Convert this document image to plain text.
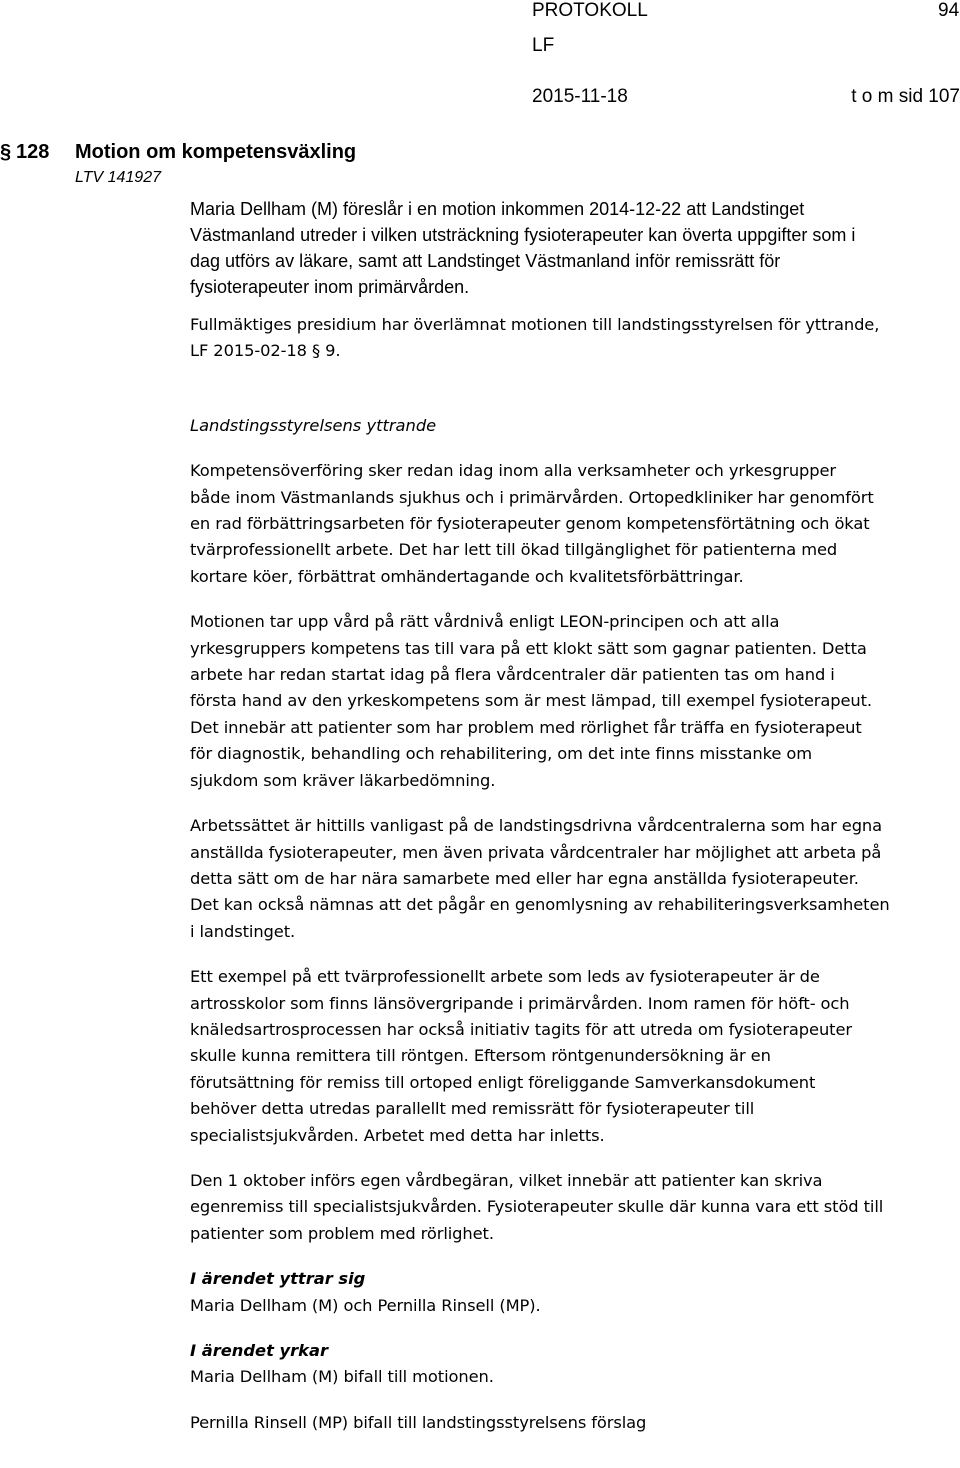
PROTOKOLL	94
LF
2015-11-18	t o m sid 107
§ 128 Motion om kompetensväxling
LTV 141927

Maria Dellham (M) föreslår i en motion inkommen 2014-12-22 att Landstinget
Västmanland utreder i vilken utsträckning fysioterapeuter kan överta uppgifter som i
dag utförs av läkare, samt att Landstinget Västmanland inför remissrätt för
fysioterapeuter inom primärvården.

Fullmäktiges presidium har överlämnat motionen till landstingsstyrelsen för yttrande,
LF 2015-02-18 § 9.

Landstingsstyrelsens yttrande

Kompetensöverföring sker redan idag inom alla verksamheter och yrkesgrupper
både inom Västmanlands sjukhus och i primärvården. Ortopedkliniker har genomfört
en rad förbättringsarbeten för fysioterapeuter genom kompetensförtätning och ökat
tvärprofessionellt arbete. Det har lett till ökad tillgänglighet för patienterna med
kortare köer, förbättrat omhändertagande och kvalitetsförbättringar.

Motionen tar upp vård på rätt vårdnivå enligt LEON-principen och att alla
yrkesgruppers kompetens tas till vara på ett klokt sätt som gagnar patienten. Detta
arbete har redan startat idag på flera vårdcentraler där patienten tas om hand i
första hand av den yrkeskompetens som är mest lämpad, till exempel fysioterapeut.
Det innebär att patienter som har problem med rörlighet får träffa en fysioterapeut
för diagnostik, behandling och rehabilitering, om det inte finns misstanke om
sjukdom som kräver läkarbedömning.

Arbetssättet är hittills vanligast på de landstingsdrivna vårdcentralerna som har egna
anställda fysioterapeuter, men även privata vårdcentraler har möjlighet att arbeta på
detta sätt om de har nära samarbete med eller har egna anställda fysioterapeuter.
Det kan också nämnas att det pågår en genomlysning av rehabiliteringsverksamheten
i landstinget.

Ett exempel på ett tvärprofessionellt arbete som leds av fysioterapeuter är de
artrosskolor som finns länsövergripande i primärvården. Inom ramen för höft- och
knäledsartrosprocessen har också initiativ tagits för att utreda om fysioterapeuter
skulle kunna remittera till röntgen. Eftersom röntgenundersökning är en
förutsättning för remiss till ortoped enligt föreliggande Samverkansdokument
behöver detta utredas parallellt med remissrätt för fysioterapeuter till
specialistsjukvården. Arbetet med detta har inletts.

Den 1 oktober införs egen vårdbegäran, vilket innebär att patienter kan skriva
egenremiss till specialistsjukvården. Fysioterapeuter skulle där kunna vara ett stöd till
patienter som problem med rörlighet.

I ärendet yttrar sig

Maria Dellham (M) och Pernilla Rinsell (MP).

I ärendet yrkar

Maria Dellham (M) bifall till motionen.

Pernilla Rinsell (MP) bifall till landstingsstyrelsens förslag
